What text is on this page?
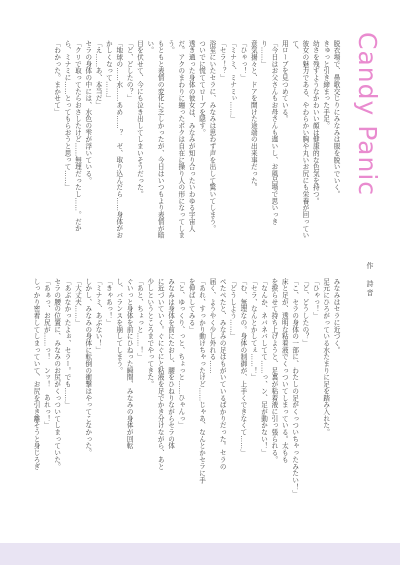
Candy Panic
作　詩音

脱衣場で、鼻歌交じりにみなみは服を脱いでいく。

きゅっと引き締まった手足。

幼さを残すようなかわいい顔は健康的な色気を持つ。

彼女の魅力である、やわらかい胸や丸いお尻にも栄養が回っていて、

用ローブを見つめている。

「今日はお父さんもお母さんも遅いし、お風呂場で思いっき

り……」

意気揚々と、ドアを開けた途端の出来事だった。

「ひゃっ！」

「ミナミ、ミナミぃ……」

「セラ！？」

浴室にいたセラに、みなみは思わず声を出して驚いてしまう。

ついでに慌ててローブを隠す。

透き通った身体の彼女は、みなみが知り合ったいわゆる宇宙人

だ。アクのまわりに纏ったボクは自在に操り人の形になってしまう。

もともと表情の変化に乏しかったが、今日はいつもより表情が暗い。

目を伏せて、今にも泣き出してしまいそうだった。

「ど、どしたの？」

「地球の……水……あめ……？　ゼ、取り込んだら……身体がお

かしくなって……」

「え……あ、本当だ」

セラの身体の中には、水色の雫が浮いている。

「クリで取ってたらおさしたけど……無理だったし……。だか

ら、ミナミに……とってもらおうと思って……」

「わかった。まかせて」

みなみはセラに近づく。

足元にひろがっている水たまりに足を踏み入れた。

「ひゃっ！」

「ど、どうしたの？」

「こ、セラの身体の一部に、わたしの足がくっついちゃったみたい！」

床と足が、透明な粘着液でくっついてしまっている。太もも

を捩らせて持ち上げようと、足裏が粘着液に引っ張られる。

「なんか、ネバネバしてて……っ、ン、足が動かない！」

「セラ、なんとかしてぇ……！」

「む、無理なの。身体の制御が、上手くできなくて……」

「どうしよう……」

ぺたぺたと、みなみの足はもがいているばかりだった。セラの

届く、ようやく少し外れる……

「あれ、すっかり動けちゃったけど……じゃあ、なんとかセラに手

を伸ばしてみる」

「と、ゆっくり、っと、ちょっと……ひゃんっ」

みなみは身体を前にたおし、腰をひねりながらセラの体

に近づいていく。ぐにぐにと粘液を足でかき分けながら、あと

少しというところまでやってきた。

「あと、ちょっと……！」

ぐいっと身体を前にひねった瞬間、みなみの身体が回転

し、バランスを崩してしまう。

「きゃあっ！」

「ミナミ、あぶない！」

しかし、みなみの身体に転倒の衝撃はやってこなかった。

「大丈夫……」

「あぶなかったよぉ、セラー。でも……」

セラの腰の位置に、みなみのお尻がくっついてしまっていた。

「あぁっ、お尻が……っ！　ンッ！　あれっ！」

しっかり密着してしまっていて、お尻を引き離そうと身じろぎ
